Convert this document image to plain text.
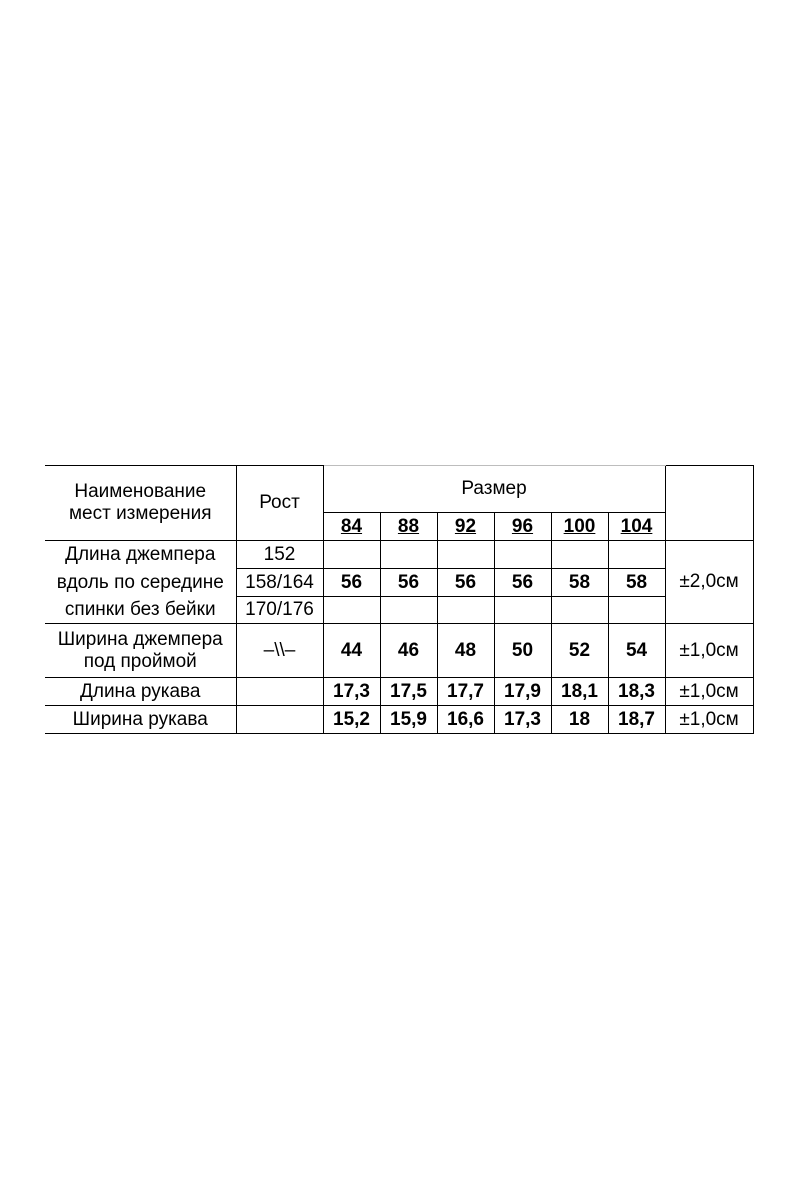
Наименование
мест измерения	Рост	Размер						
		84	88	92	96	100	104	
Длина джемпера	152							±2,0см
вдоль по середине	158/164	56	56	56	56	58	58	
спинки без бейки	170/176							

Ширина джемпера
под проймой	–\\–	44	46	48	50	52	54	±1,0см
Длина рукава		17,3	17,5	17,7	17,9	18,1	18,3	±1,0см
Ширина рукава		15,2	15,9	16,6	17,3	18	18,7	±1,0см
